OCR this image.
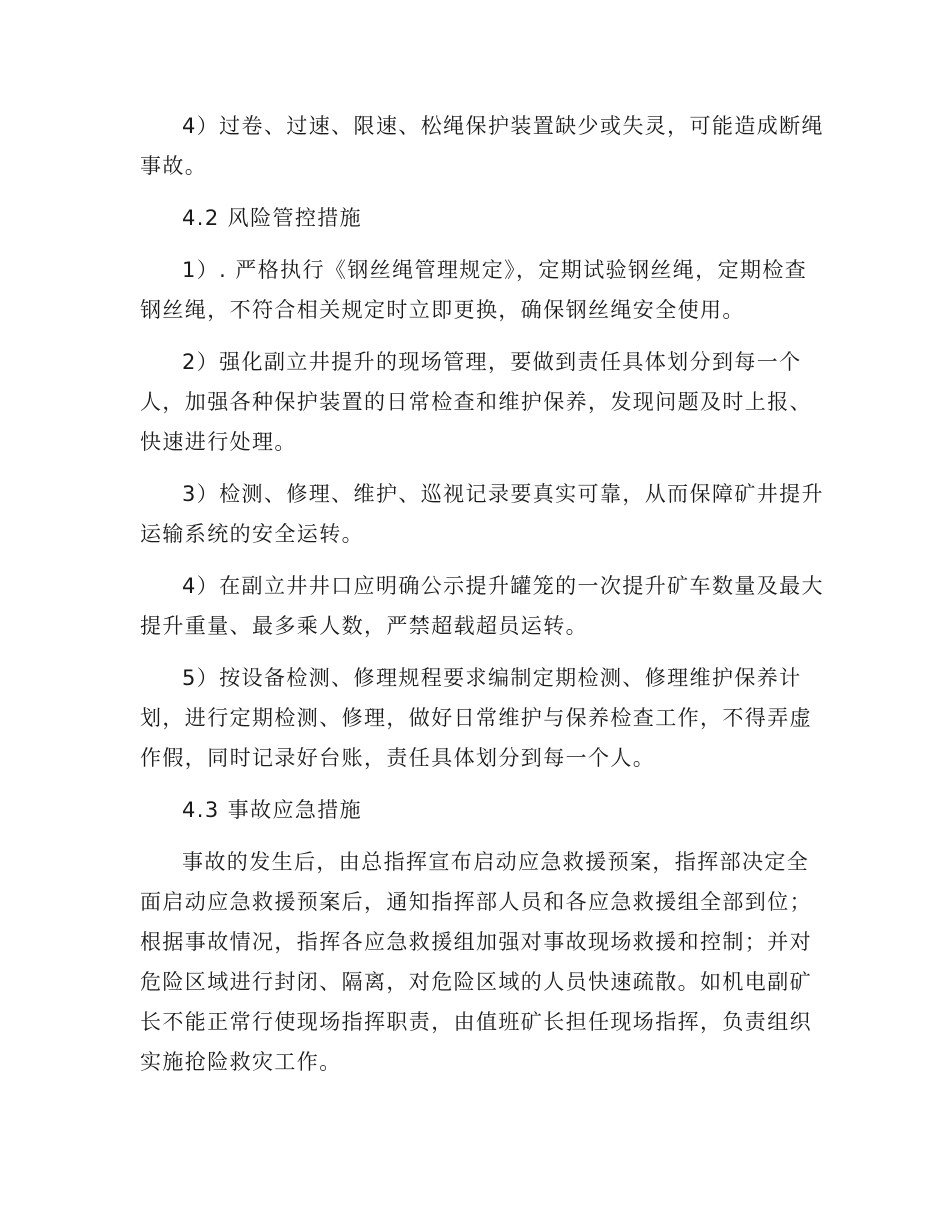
4）过卷、过速、限速、松绳保护装置缺少或失灵，可能造成断绳
事故。

4.2 风险管控措施

1）. 严格执行《钢丝绳管理规定》，定期试验钢丝绳，定期检查
钢丝绳，不符合相关规定时立即更换，确保钢丝绳安全使用。

2）强化副立井提升的现场管理，要做到责任具体划分到每一个
人，加强各种保护装置的日常检查和维护保养，发现问题及时上报、
快速进行处理。

3）检测、修理、维护、巡视记录要真实可靠，从而保障矿井提升
运输系统的安全运转。

4）在副立井井口应明确公示提升罐笼的一次提升矿车数量及最大
提升重量、最多乘人数，严禁超载超员运转。

5）按设备检测、修理规程要求编制定期检测、修理维护保养计
划，进行定期检测、修理，做好日常维护与保养检查工作，不得弄虚
作假，同时记录好台账，责任具体划分到每一个人。

4.3 事故应急措施

事故的发生后，由总指挥宣布启动应急救援预案，指挥部决定全
面启动应急救援预案后，通知指挥部人员和各应急救援组全部到位；
根据事故情况，指挥各应急救援组加强对事故现场救援和控制；并对
危险区域进行封闭、隔离，对危险区域的人员快速疏散。如机电副矿
长不能正常行使现场指挥职责，由值班矿长担任现场指挥，负责组织
实施抢险救灾工作。
